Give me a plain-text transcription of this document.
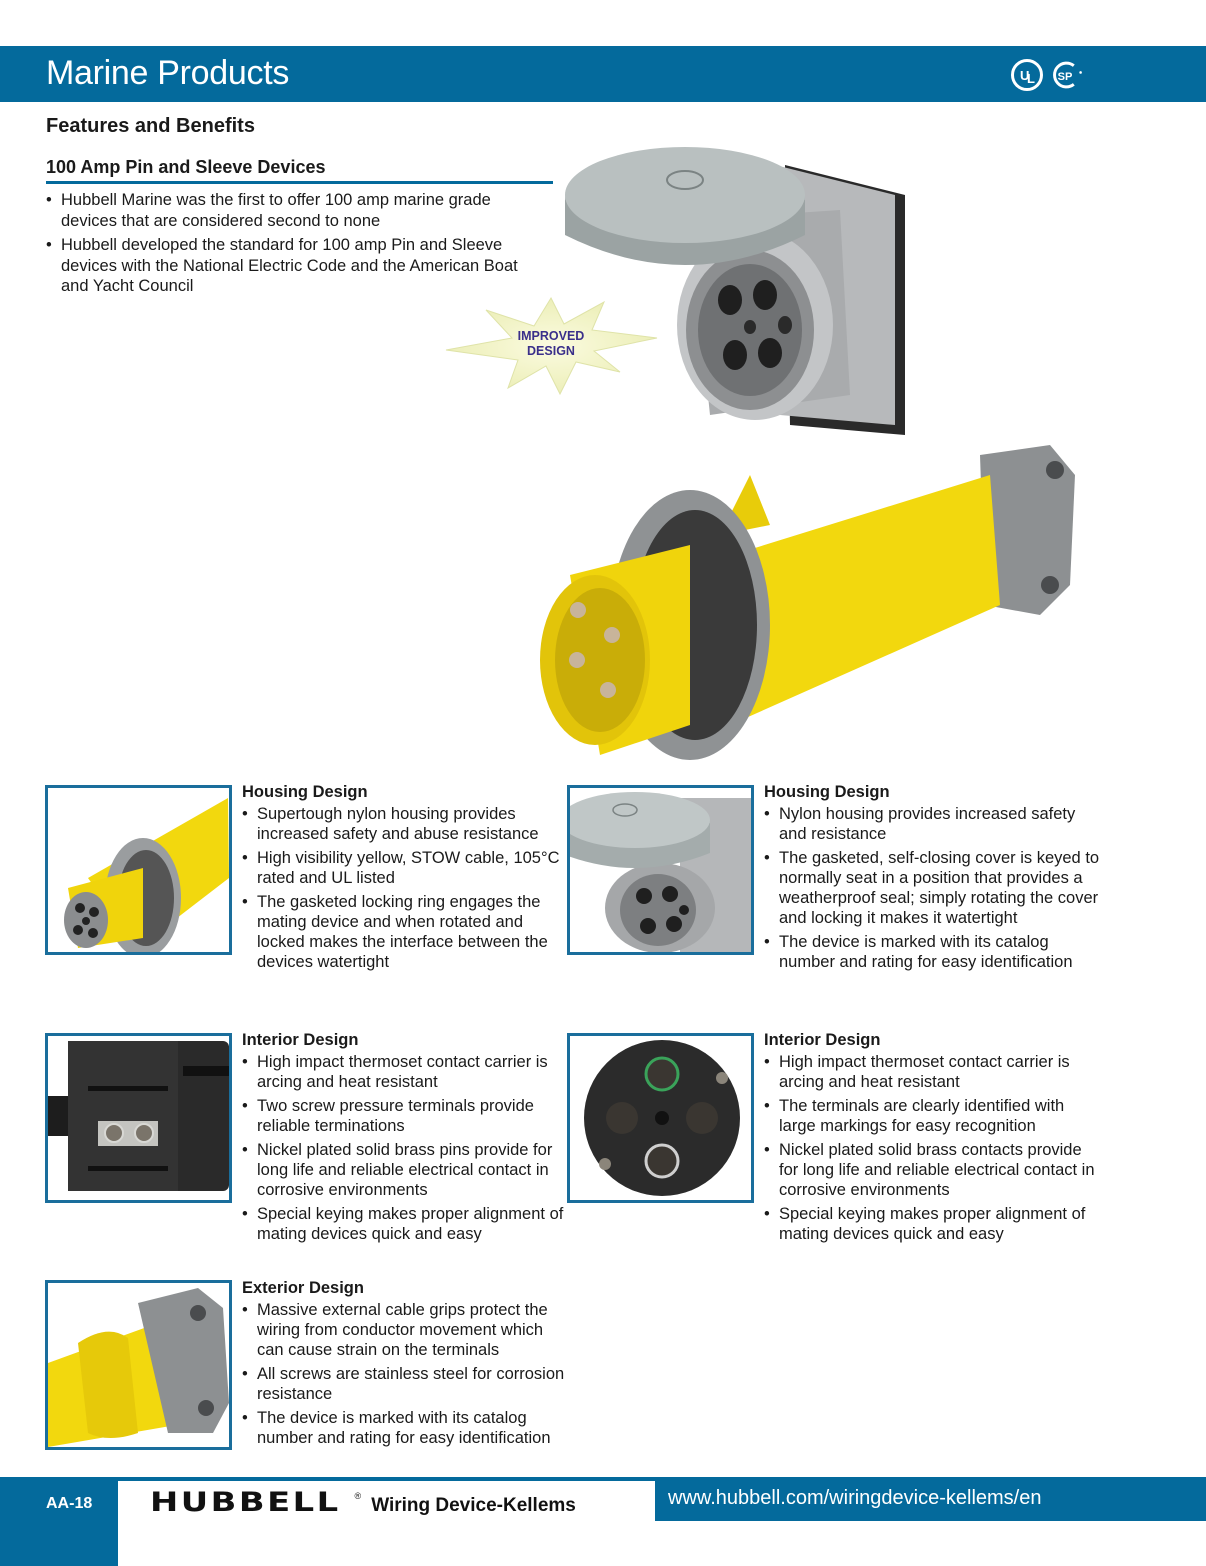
Marine Products	U
L SP
Features and Benefits
100 Amp Pin and Sleeve Devices
• Hubbell Marine was the first to offer 100 amp marine grade devices that are considered second to none
• Hubbell developed the standard for 100 amp Pin and Sleeve devices with the National Electric Code and the American Boat and Yacht Council
IMPROVED
DESIGN
Housing Design
• Supertough nylon housing provides increased safety and abuse resistance
• High visibility yellow, STOW cable, 105°C rated and UL listed
• The gasketed locking ring engages the mating device and when rotated and locked makes the interface between the devices watertight
Housing Design
• Nylon housing provides increased safety and resistance
• The gasketed, self-closing cover is keyed to normally seat in a position that provides a weatherproof seal; simply rotating the cover and locking it makes it watertight
• The device is marked with its catalog number and rating for easy identification
Interior Design
• High impact thermoset contact carrier is arcing and heat resistant
• Two screw pressure terminals provide reliable terminations
• Nickel plated solid brass pins provide for long life and reliable electrical contact in corrosive environments
• Special keying makes proper alignment of mating devices quick and easy
Interior Design
• High impact thermoset contact carrier is arcing and heat resistant
• The terminals are clearly identified with large markings for easy recognition
• Nickel plated solid brass contacts provide for long life and reliable electrical contact in corrosive environments
• Special keying makes proper alignment of mating devices quick and easy
Exterior Design
• Massive external cable grips protect the wiring from conductor movement which can cause strain on the terminals
• All screws are stainless steel for corrosion resistance
• The device is marked with its catalog number and rating for easy identification
AA-18 HUBBELL ® Wiring Device-Kellems	www.hubbell.com/wiringdevice-kellems/en
